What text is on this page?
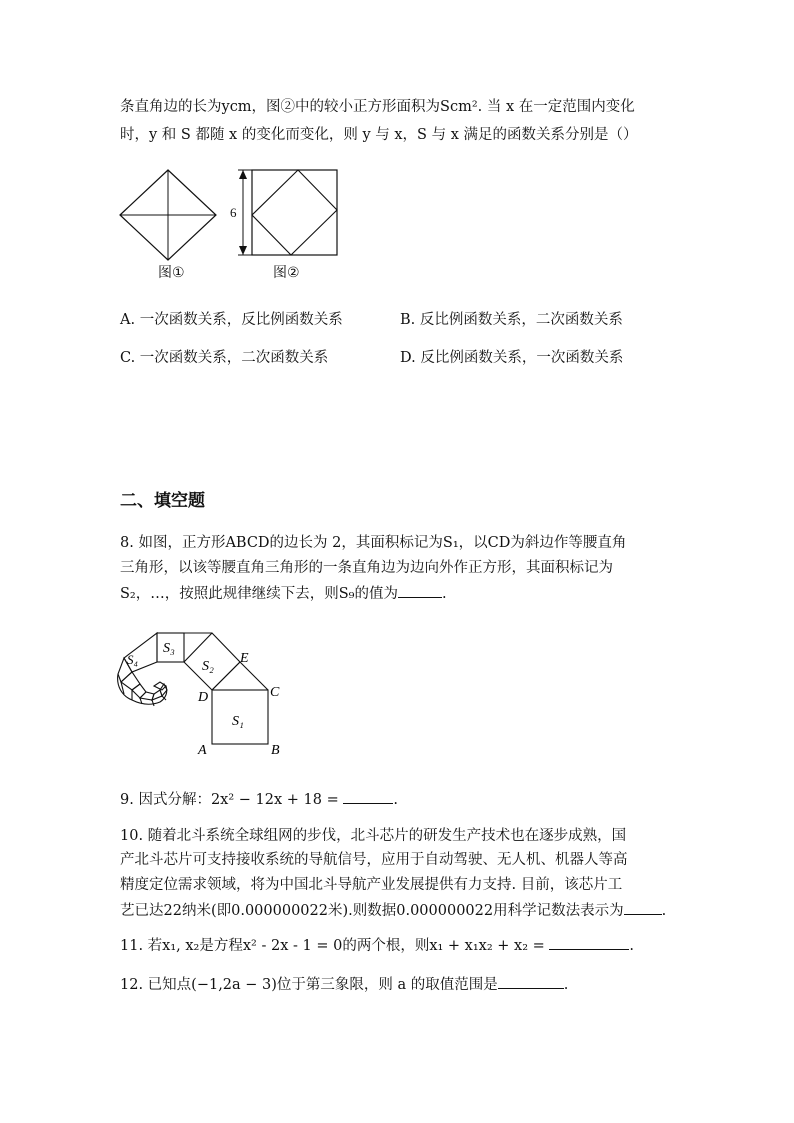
条直角边的长为ycm，图②中的较小正方形面积为Scm². 当 x 在一定范围内变化
时，y 和 S 都随 x 的变化而变化，则 y 与 x，S 与 x 满足的函数关系分别是（）
图①
6
图②
A. 一次函数关系，反比例函数关系	B. 反比例函数关系，二次函数关系
C. 一次函数关系，二次函数关系	D. 反比例函数关系，一次函数关系
二、填空题
8. 如图，正方形ABCD的边长为 2，其面积标记为S₁，以CD为斜边作等腰直角
三角形，以该等腰直角三角形的一条直角边为边向外作正方形，其面积标记为
S₂，…，按照此规律继续下去，则S₉的值为	.
S₁
S₂
S₃
S₄
A	B
C
D
E
9. 因式分解：2x² − 12x + 18 =	.
10. 随着北斗系统全球组网的步伐，北斗芯片的研发生产技术也在逐步成熟，国
产北斗芯片可支持接收系统的导航信号，应用于自动驾驶、无人机、机器人等高
精度定位需求领域，将为中国北斗导航产业发展提供有力支持. 目前，该芯片工
艺已达22纳米(即0.000000022米).则数据0.000000022用科学记数法表示为	.
11. 若x₁, x₂是方程x² - 2x - 1 = 0的两个根，则x₁ + x₁x₂ + x₂ =	.
12. 已知点(−1,2a − 3)位于第三象限，则 a 的取值范围是	.
